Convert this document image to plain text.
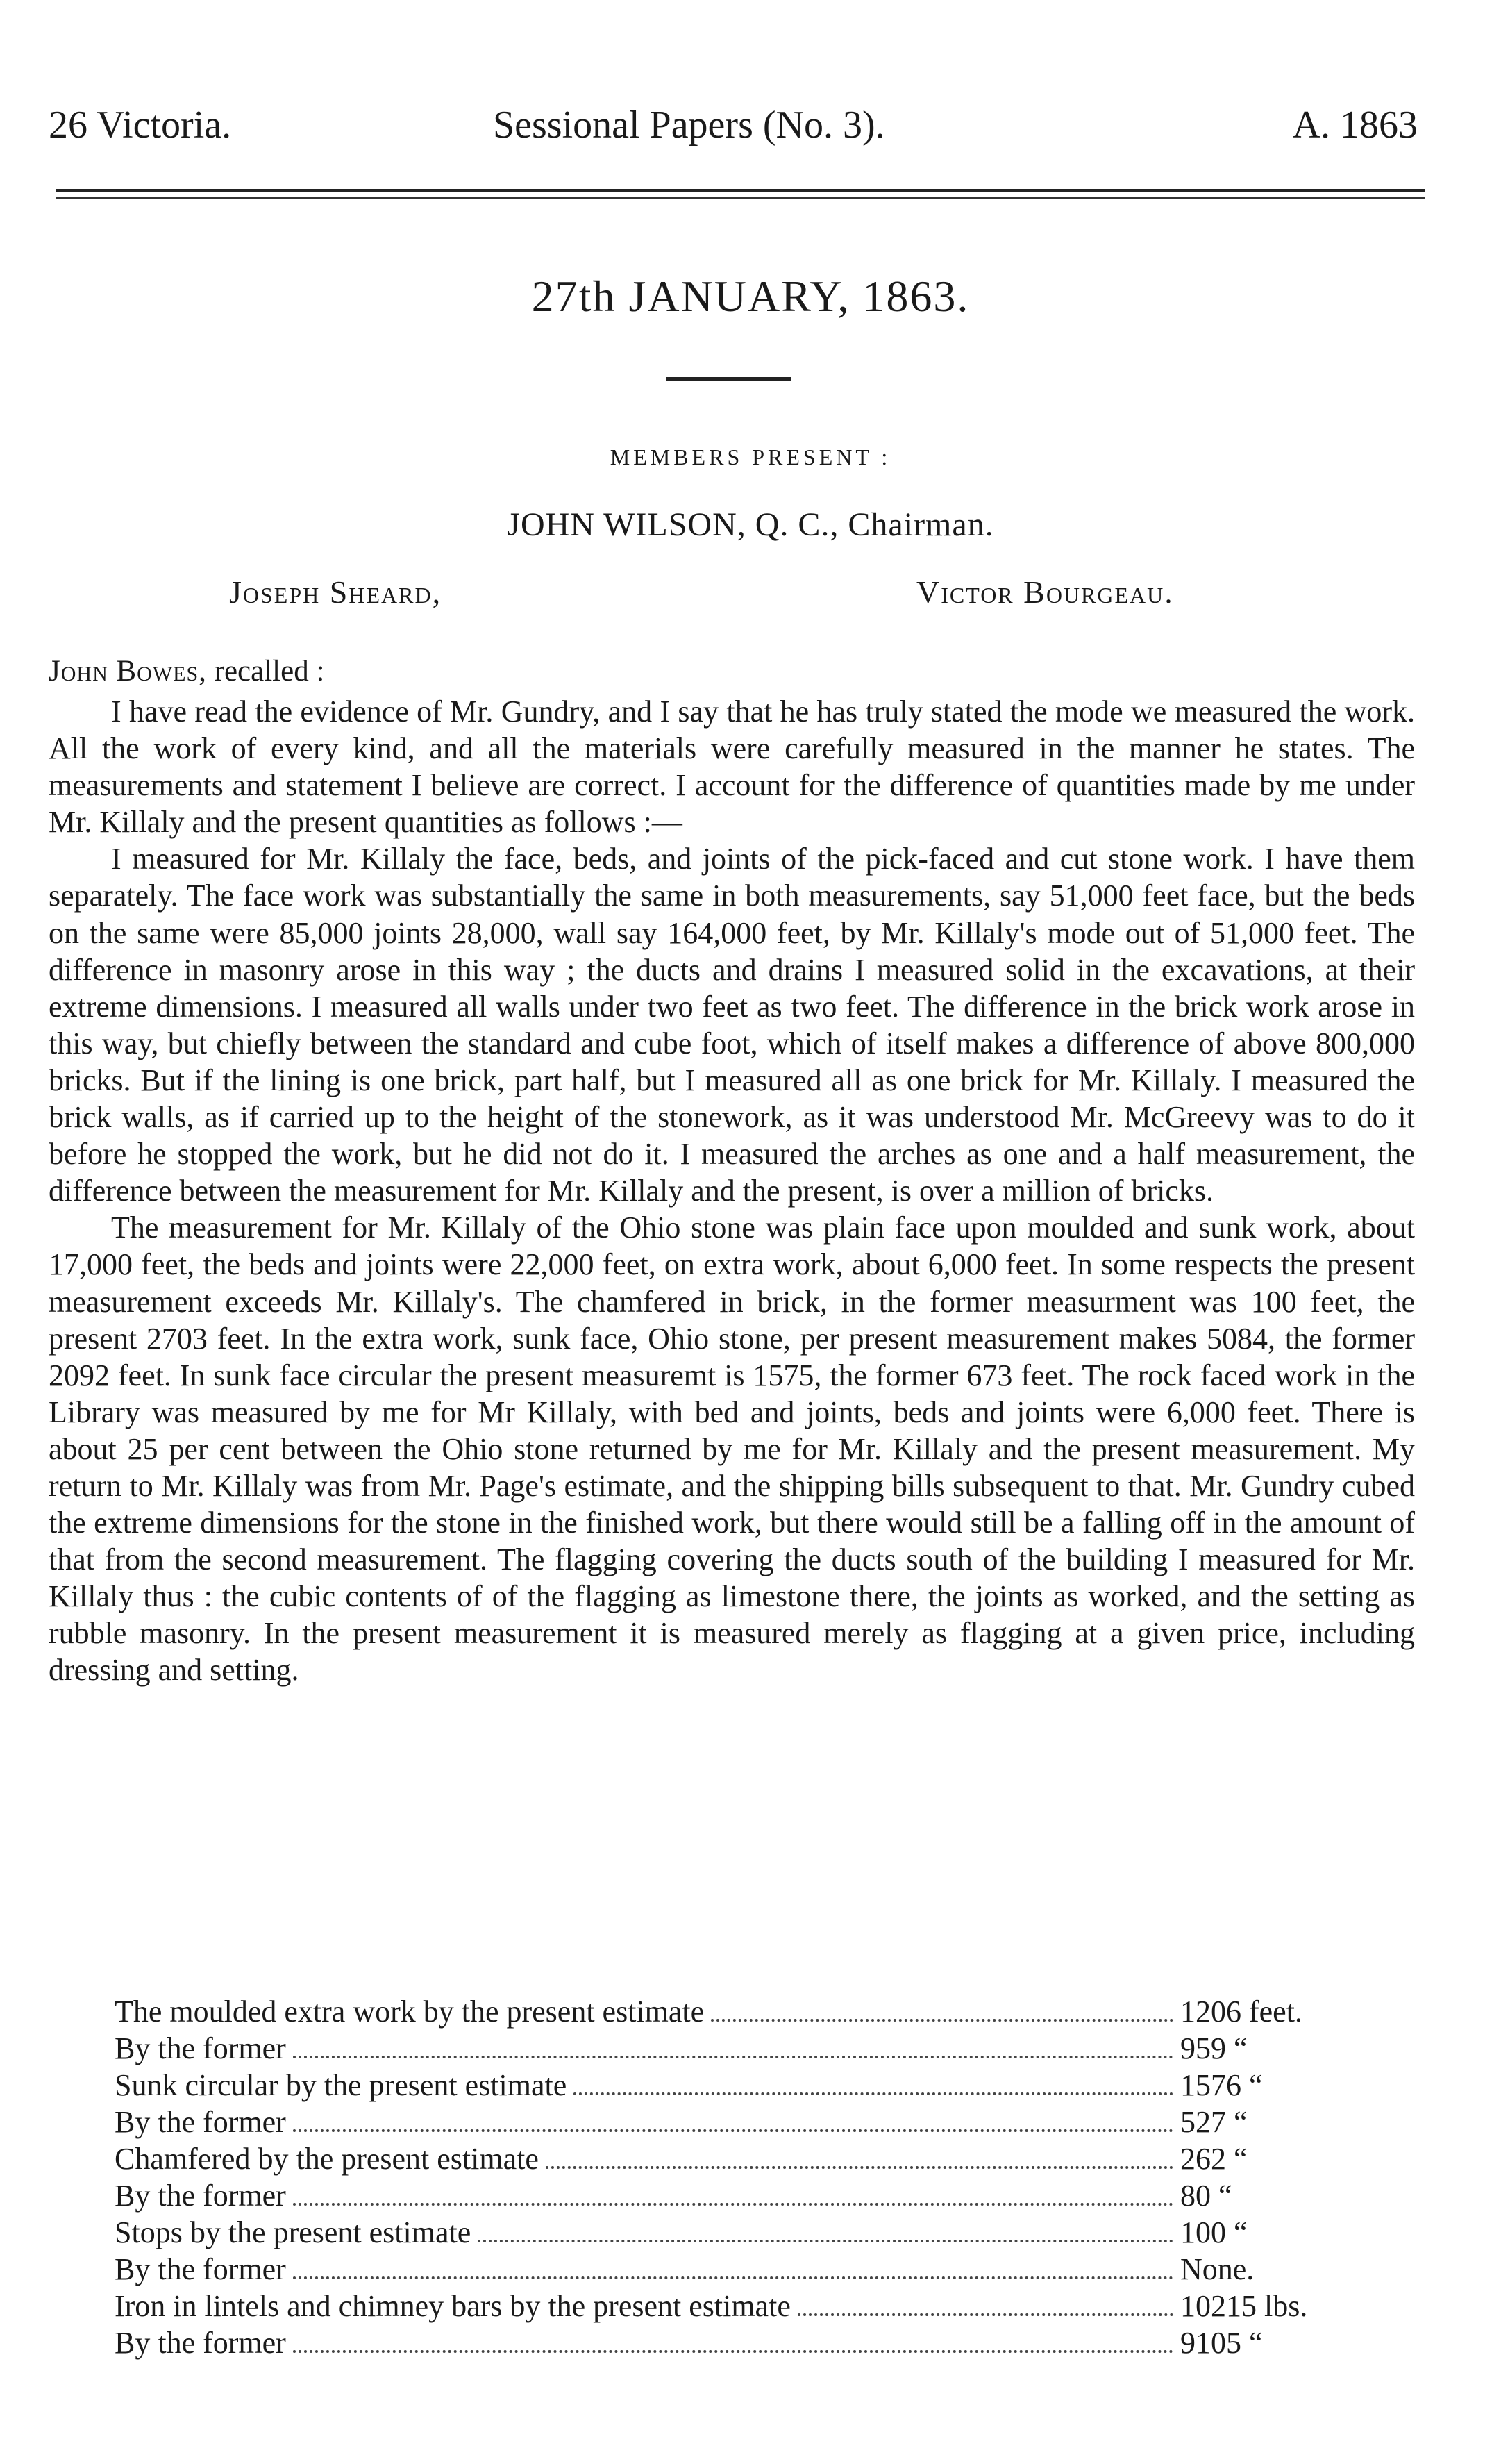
26 Victoria.	Sessional Papers (No. 3).	A. 1863
27th JANUARY, 1863.
MEMBERS PRESENT :
JOHN WILSON, Q. C., Chairman.
Joseph Sheard,	Victor Bourgeau.
John Bowes, recalled :

I have read the evidence of Mr. Gundry, and I say that he has truly stated the mode we measured the work. All the work of every kind, and all the materials were carefully measured in the manner he states. The measurements and statement I believe are correct. I account for the difference of quantities made by me under Mr. Killaly and the present quantities as follows :—

I measured for Mr. Killaly the face, beds, and joints of the pick-faced and cut stone work. I have them separately. The face work was substantially the same in both measurements, say 51,000 feet face, but the beds on the same were 85,000 joints 28,000, wall say 164,000 feet, by Mr. Killaly's mode out of 51,000 feet. The difference in masonry arose in this way ; the ducts and drains I measured solid in the excavations, at their extreme dimensions. I measured all walls under two feet as two feet. The difference in the brick work arose in this way, but chiefly between the standard and cube foot, which of itself makes a difference of above 800,000 bricks. But if the lining is one brick, part half, but I measured all as one brick for Mr. Killaly. I measured the brick walls, as if carried up to the height of the stonework, as it was understood Mr. McGreevy was to do it before he stopped the work, but he did not do it. I measured the arches as one and a half measurement, the difference between the measurement for Mr. Killaly and the present, is over a million of bricks.

The measurement for Mr. Killaly of the Ohio stone was plain face upon moulded and sunk work, about 17,000 feet, the beds and joints were 22,000 feet, on extra work, about 6,000 feet. In some respects the present measurement exceeds Mr. Killaly's. The chamfered in brick, in the former measurment was 100 feet, the present 2703 feet. In the extra work, sunk face, Ohio stone, per present measurement makes 5084, the former 2092 feet. In sunk face circular the present measuremt is 1575, the former 673 feet. The rock faced work in the Library was measured by me for Mr Killaly, with bed and joints, beds and joints were 6,000 feet. There is about 25 per cent between the Ohio stone returned by me for Mr. Killaly and the present measurement. My return to Mr. Killaly was from Mr. Page's estimate, and the shipping bills subsequent to that. Mr. Gundry cubed the extreme dimensions for the stone in the finished work, but there would still be a falling off in the amount of that from the second measurement. The flagging covering the ducts south of the building I measured for Mr. Killaly thus : the cubic contents of of the flagging as limestone there, the joints as worked, and the setting as rubble masonry. In the present measurement it is measured merely as flagging at a given price, including dressing and setting.

The moulded extra work by the present estimate	1206 feet.
By the former	959 “
Sunk circular by the present estimate	1576 “
By the former	527 “
Chamfered by the present estimate	262 “
By the former	80 “
Stops by the present estimate	100 “
By the former	None.
Iron in lintels and chimney bars by the present estimate	10215 lbs.
By the former	9105 “
